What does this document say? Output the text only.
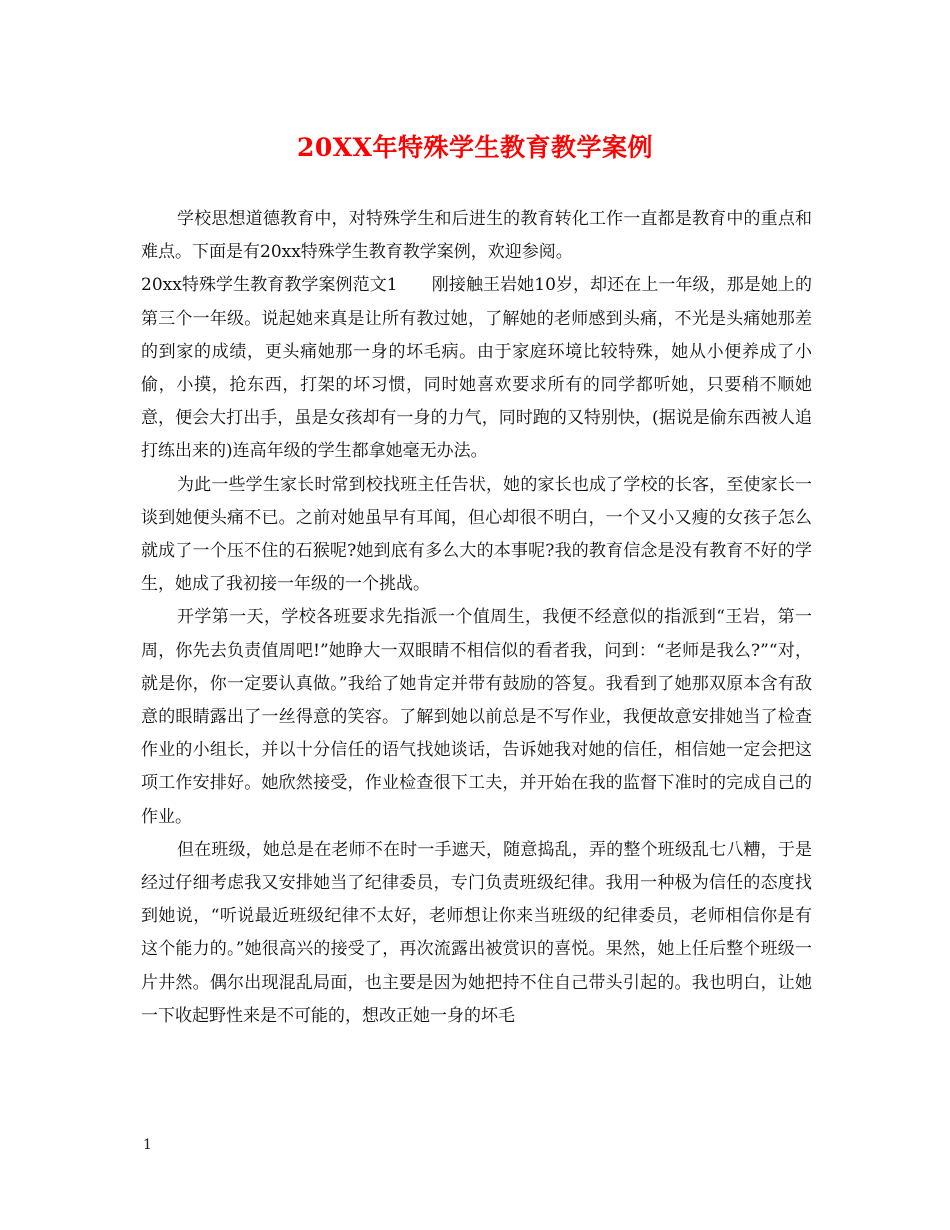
20XX年特殊学生教育教学案例

学校思想道德教育中，对特殊学生和后进生的教育转化工作一直都是教育中的重点和难点。下面是有20xx特殊学生教育教学案例，欢迎参阅。

20xx特殊学生教育教学案例范文1　　刚接触王岩她10岁，却还在上一年级，那是她上的第三个一年级。说起她来真是让所有教过她，了解她的老师感到头痛，不光是头痛她那差的到家的成绩，更头痛她那一身的坏毛病。由于家庭环境比较特殊，她从小便养成了小偷，小摸，抢东西，打架的坏习惯，同时她喜欢要求所有的同学都听她，只要稍不顺她意，便会大打出手，虽是女孩却有一身的力气，同时跑的又特别快，(据说是偷东西被人追打练出来的)连高年级的学生都拿她毫无办法。

为此一些学生家长时常到校找班主任告状，她的家长也成了学校的长客，至使家长一谈到她便头痛不已。之前对她虽早有耳闻，但心却很不明白，一个又小又瘦的女孩子怎么就成了一个压不住的石猴呢?她到底有多么大的本事呢?我的教育信念是没有教育不好的学生，她成了我初接一年级的一个挑战。

开学第一天，学校各班要求先指派一个值周生，我便不经意似的指派到“王岩，第一周，你先去负责值周吧!”她睁大一双眼睛不相信似的看者我，问到：“老师是我么?”“对，就是你，你一定要认真做。”我给了她肯定并带有鼓励的答复。我看到了她那双原本含有敌意的眼睛露出了一丝得意的笑容。了解到她以前总是不写作业，我便故意安排她当了检查作业的小组长，并以十分信任的语气找她谈话，告诉她我对她的信任，相信她一定会把这项工作安排好。她欣然接受，作业检查很下工夫，并开始在我的监督下准时的完成自己的作业。

但在班级，她总是在老师不在时一手遮天，随意捣乱，弄的整个班级乱七八糟，于是经过仔细考虑我又安排她当了纪律委员，专门负责班级纪律。我用一种极为信任的态度找到她说，“听说最近班级纪律不太好，老师想让你来当班级的纪律委员，老师相信你是有这个能力的。”她很高兴的接受了，再次流露出被赏识的喜悦。果然，她上任后整个班级一片井然。偶尔出现混乱局面，也主要是因为她把持不住自己带头引起的。我也明白，让她一下收起野性来是不可能的，想改正她一身的坏毛

1
